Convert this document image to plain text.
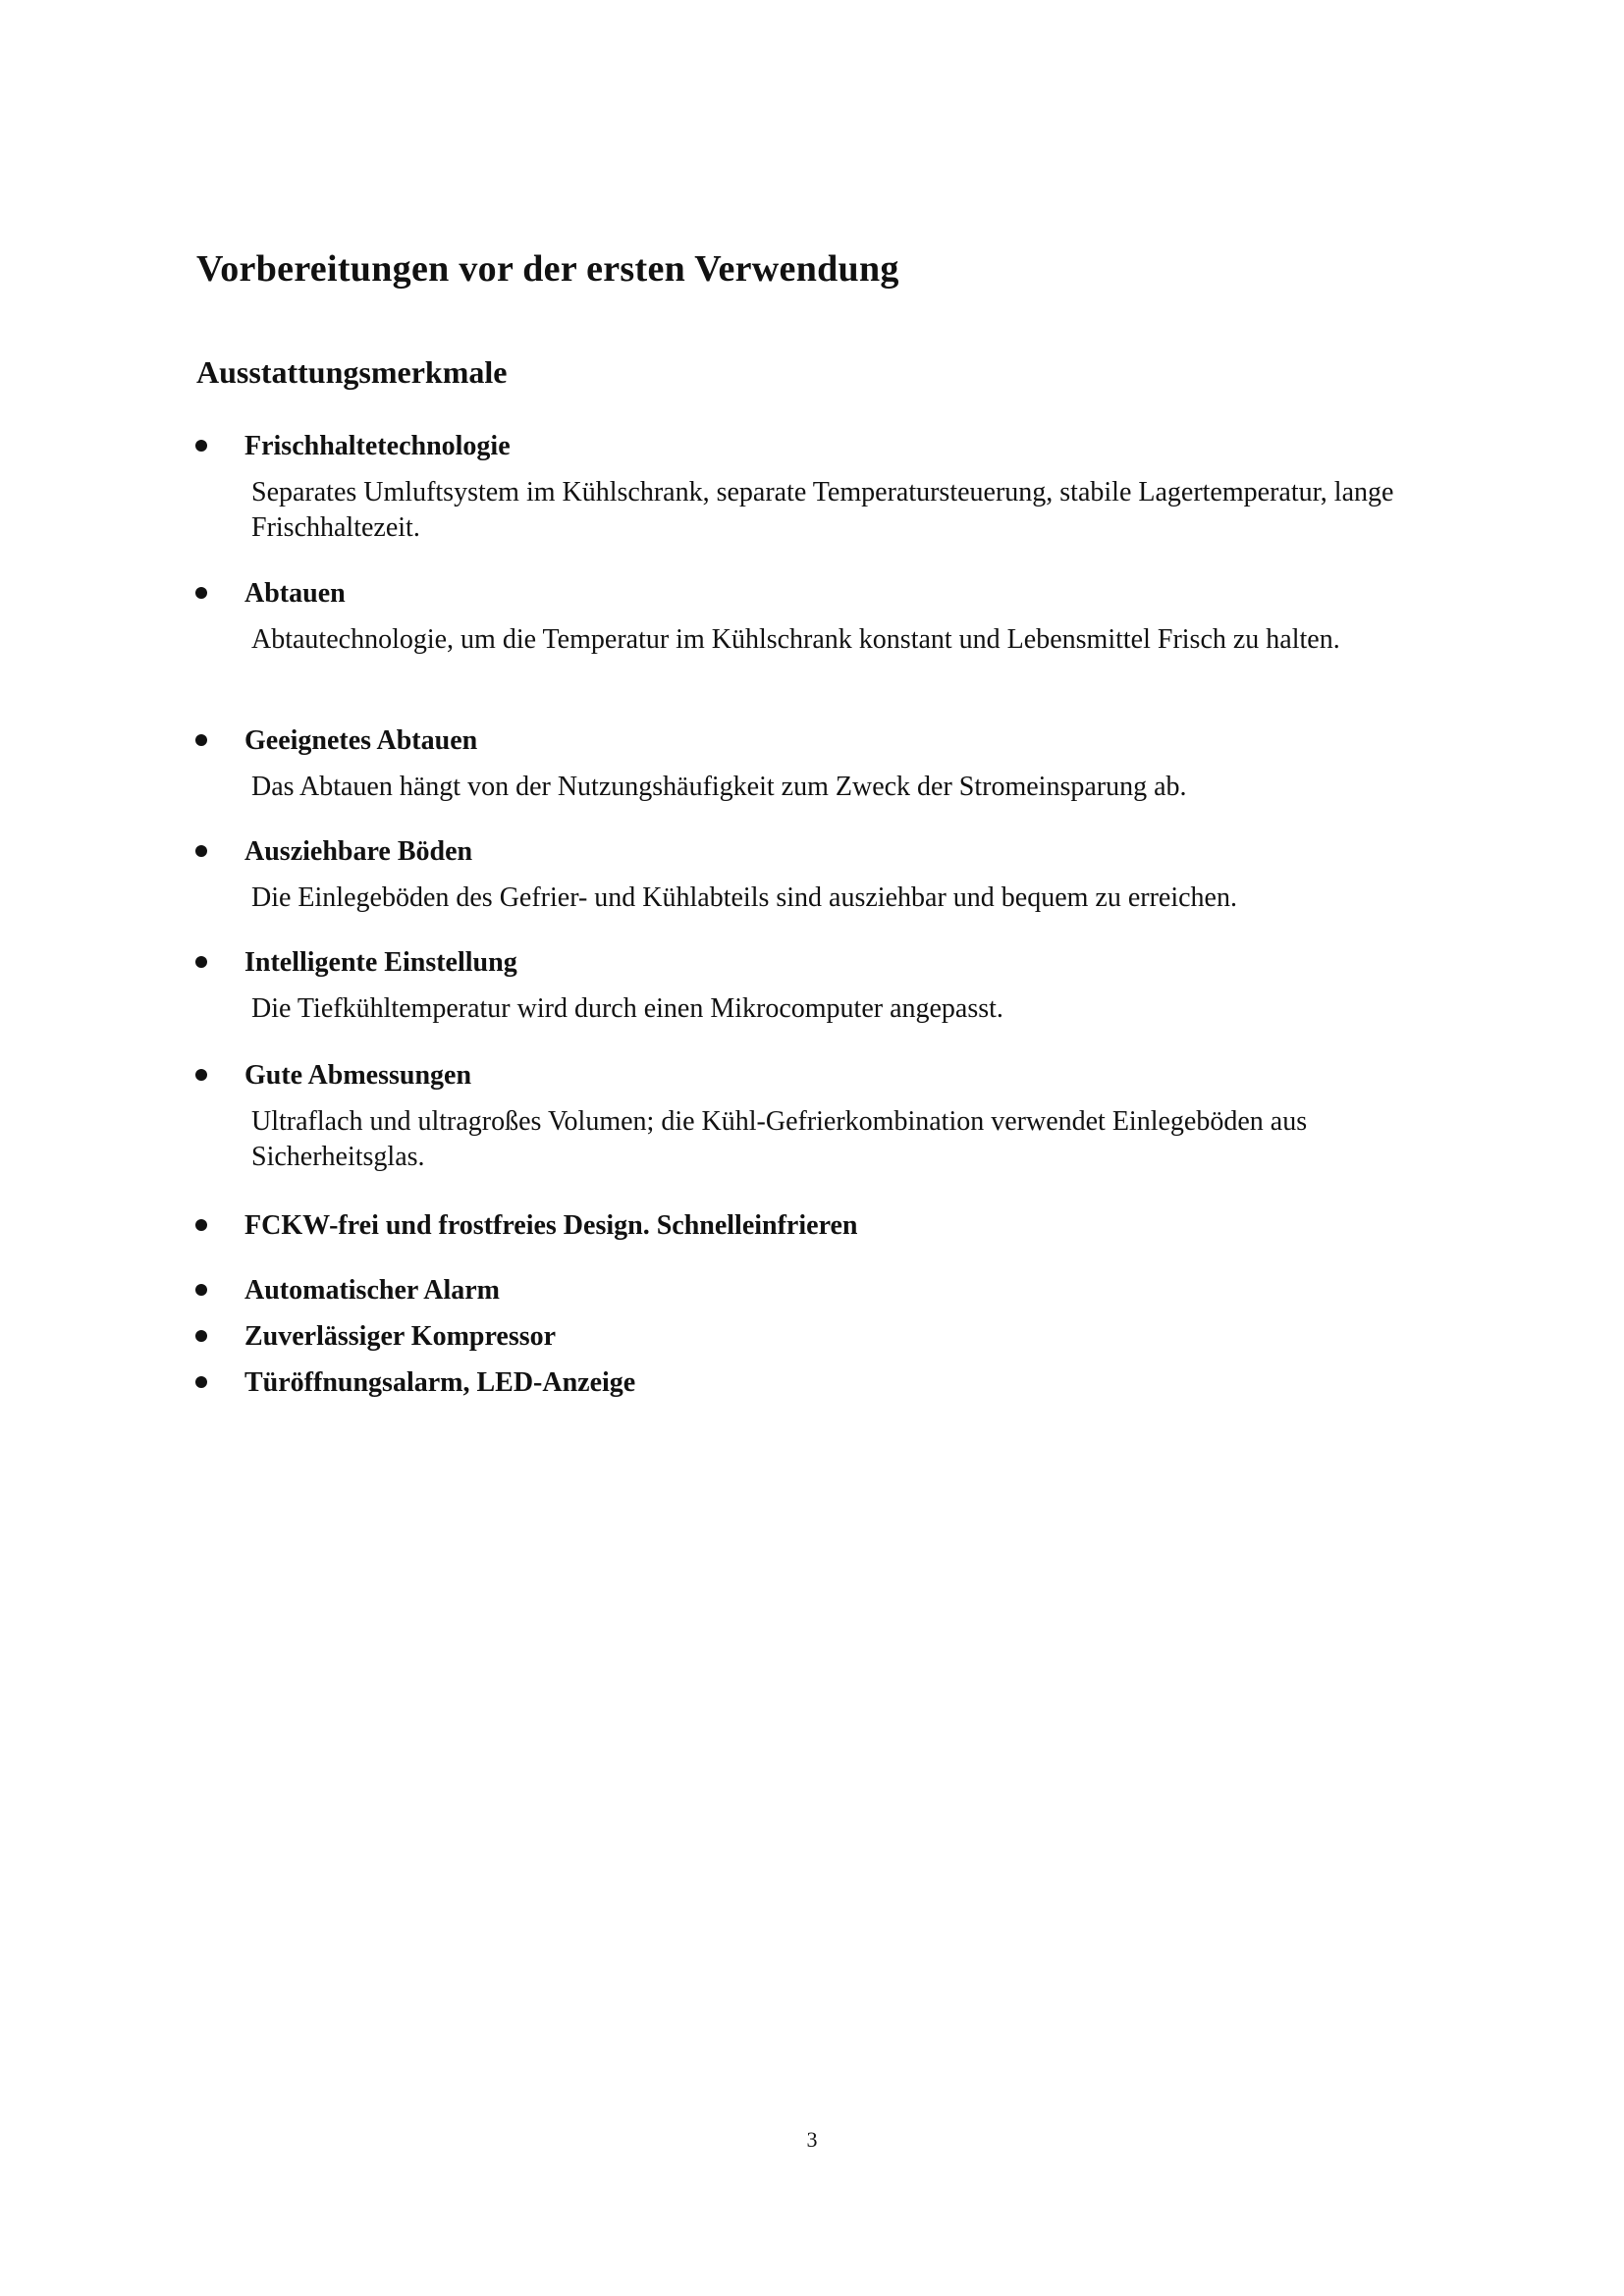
Vorbereitungen vor der ersten Verwendung
Ausstattungsmerkmale
Frischhaltetechnologie

Separates Umluftsystem im Kühlschrank, separate Temperatursteuerung, stabile Lagertemperatur, lange Frischhaltezeit.

Abtauen

Abtautechnologie, um die Temperatur im Kühlschrank konstant und Lebensmittel Frisch zu halten.

Geeignetes Abtauen

Das Abtauen hängt von der Nutzungshäufigkeit zum Zweck der Stromeinsparung ab.

Ausziehbare Böden

Die Einlegeböden des Gefrier- und Kühlabteils sind ausziehbar und bequem zu erreichen.

Intelligente Einstellung

Die Tiefkühltemperatur wird durch einen Mikrocomputer angepasst.

Gute Abmessungen

Ultraflach und ultragroßes Volumen; die Kühl-Gefrierkombination verwendet Einlegeböden aus Sicherheitsglas.

FCKW-frei und frostfreies Design. Schnelleinfrieren
Automatischer Alarm
Zuverlässiger Kompressor
Türöffnungsalarm, LED-Anzeige
3
